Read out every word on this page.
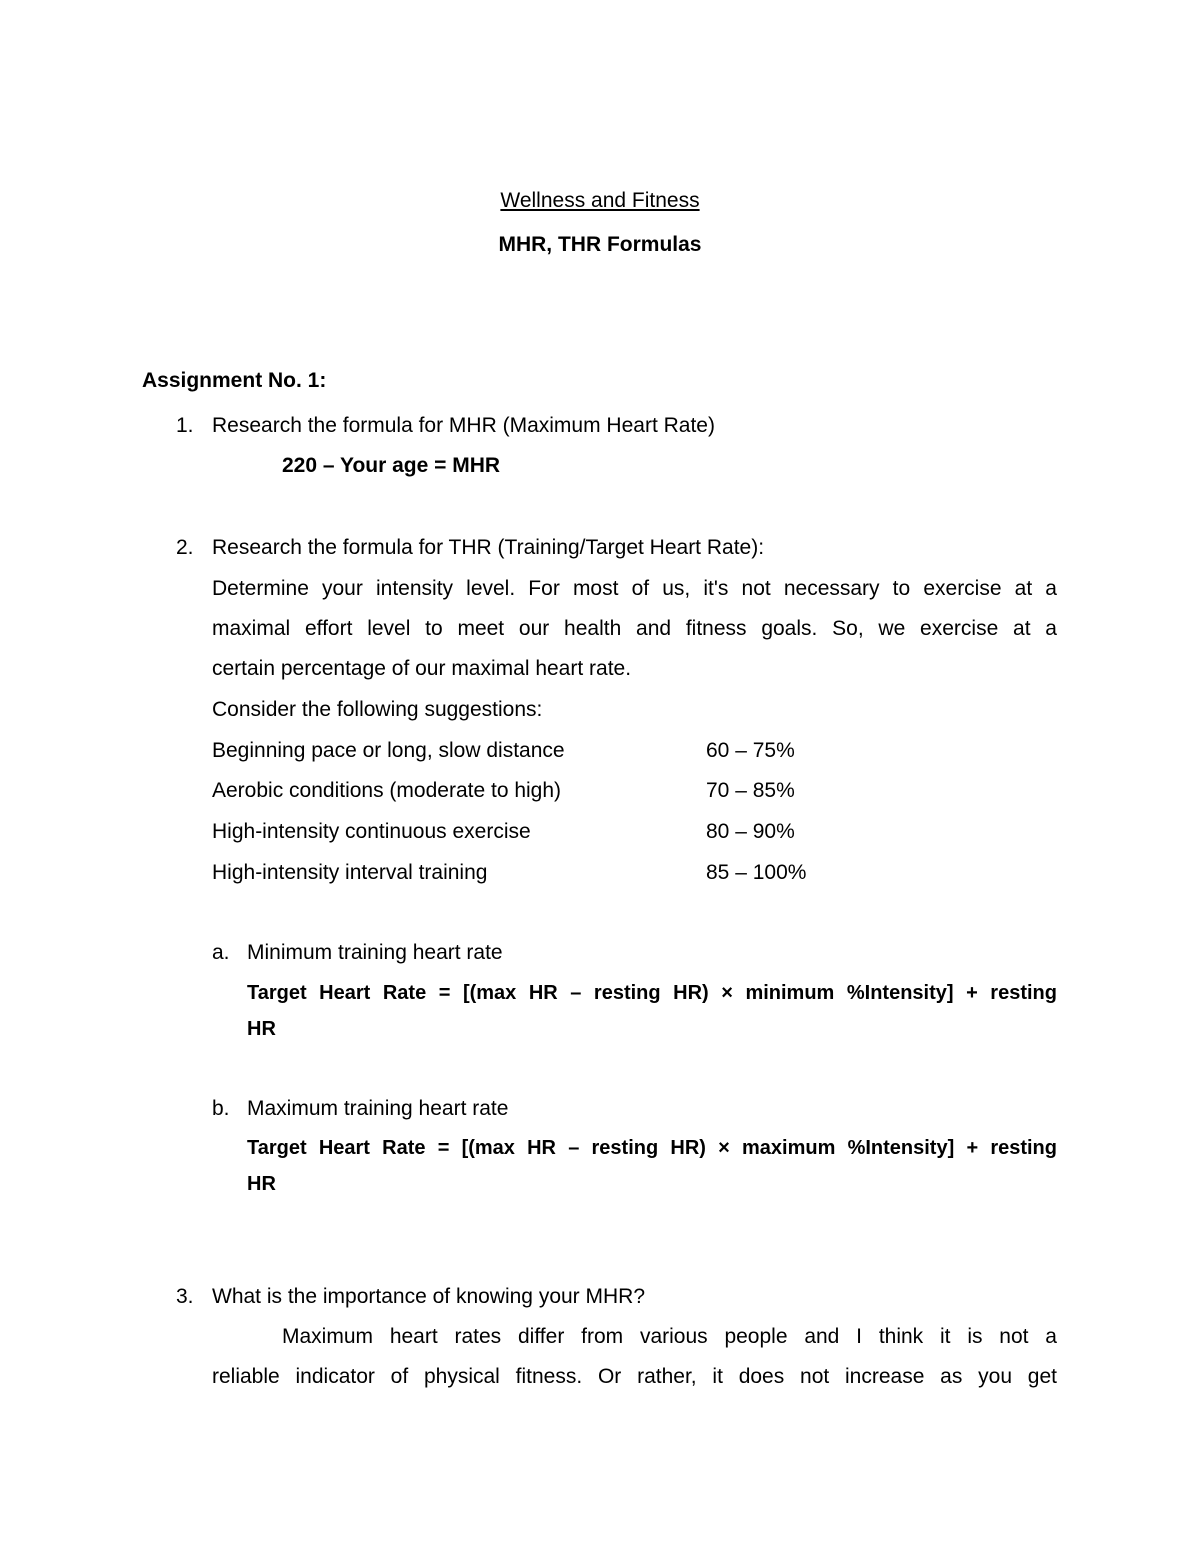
Wellness and Fitness
MHR, THR Formulas
Assignment No. 1:
1. Research the formula for MHR (Maximum Heart Rate)
220 – Your age = MHR
2. Research the formula for THR (Training/Target Heart Rate):
Determine your intensity level. For most of us, it's not necessary to exercise at a
maximal effort level to meet our health and fitness goals. So, we exercise at a
certain percentage of our maximal heart rate.
Consider the following suggestions:
Beginning pace or long, slow distance	60 – 75%
Aerobic conditions (moderate to high)	70 – 85%
High-intensity continuous exercise	80 – 90%
High-intensity interval training	85 – 100%
a. Minimum training heart rate
Target Heart Rate = [(max HR – resting HR) × minimum %Intensity] + resting
HR
b. Maximum training heart rate
Target Heart Rate = [(max HR – resting HR) × maximum %Intensity] + resting
HR
3. What is the importance of knowing your MHR?
Maximum heart rates differ from various people and I think it is not a
reliable indicator of physical fitness. Or rather, it does not increase as you get
